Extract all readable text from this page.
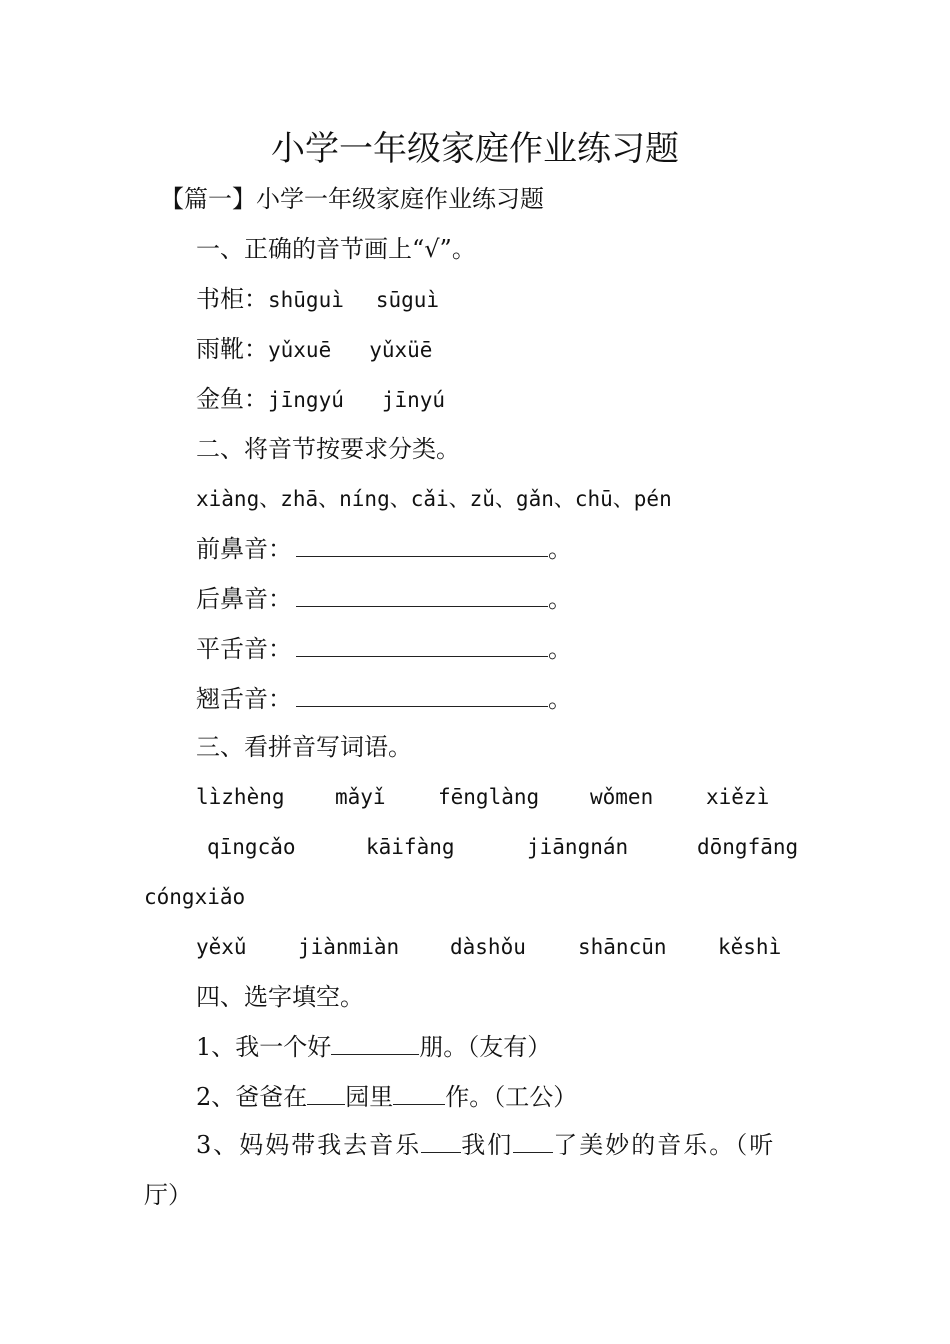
小学一年级家庭作业练习题
【篇一】小学一年级家庭作业练习题
一、正确的音节画上“√”。
书柜：shūguì sūguì
雨靴：yǔxuē yǔxüē
金鱼：jīngyú jīnyú
二、将音节按要求分类。
xiàng、zhā、níng、cǎi、zǔ、gǎn、chū、pén
前鼻音：	。
后鼻音：	。
平舌音：	。
翘舌音：	。
三、看拼音写词语。
lìzhèng mǎyǐ fēnglàng wǒmen	xiězì
qīngcǎo	kāifàng	jiāngnán	dōngfāng
cóngxiǎo
yěxǔ jiànmiàn dàshǒu shāncūn kěshì
四、选字填空。
1、我一个好	朋。（友有）
2、爸爸在 园里 作。（工公）
3、妈妈带我去音乐 我们 了美妙的音乐。（听
厅）
